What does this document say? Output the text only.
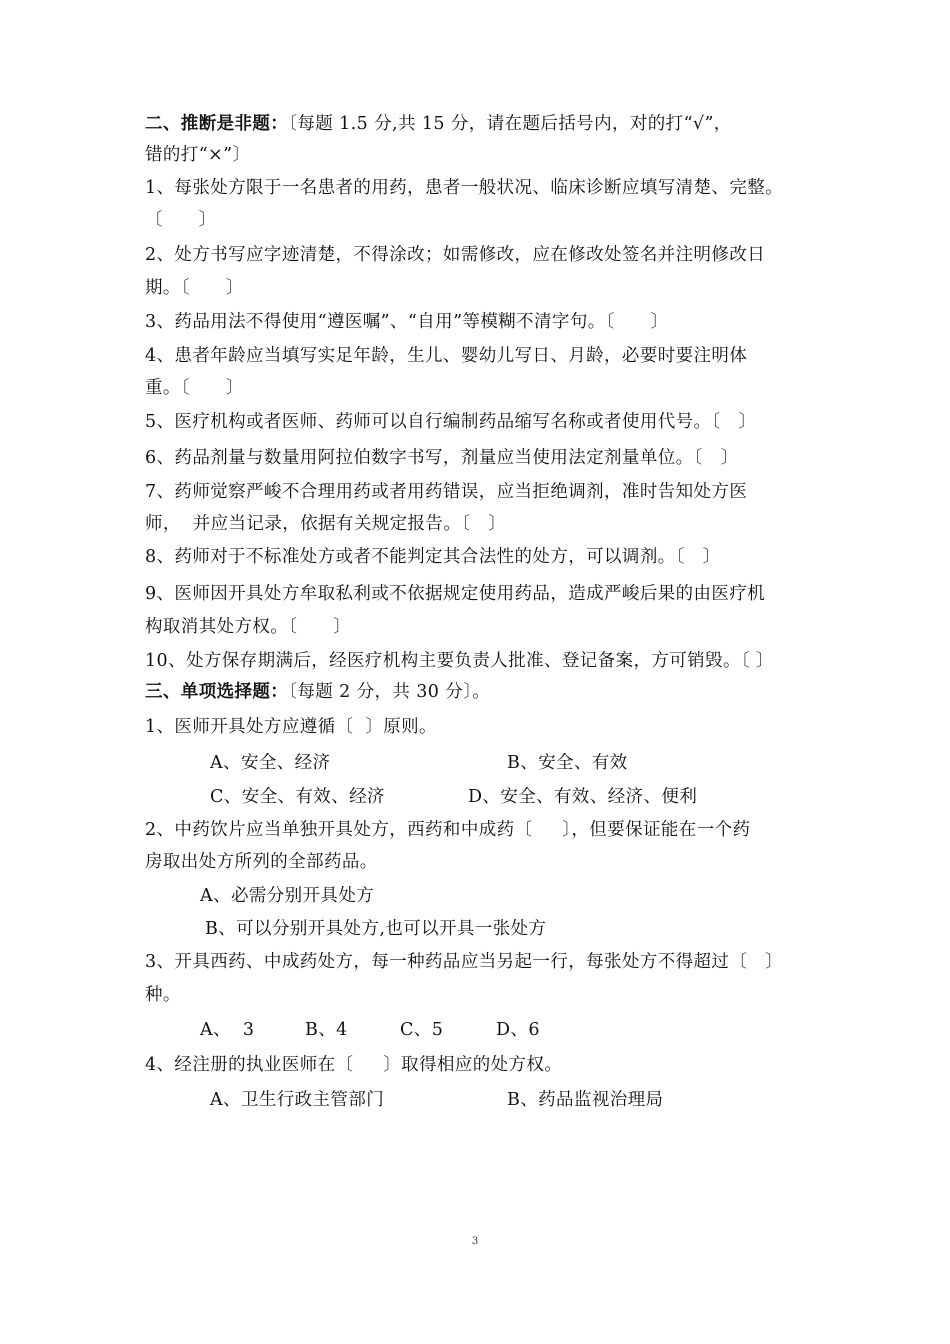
二、推断是非题：〔每题 1.5 分,共 15 分，请在题后括号内，对的打“√”，
错的打“×”〕
1、每张处方限于一名患者的用药，患者一般状况、临床诊断应填写清楚、完整。
〔      〕
2、处方书写应字迹清楚，不得涂改；如需修改，应在修改处签名并注明修改日
期。〔      〕
3、药品用法不得使用“遵医嘱”、“自用”等模糊不清字句。〔      〕
4、患者年龄应当填写实足年龄，生儿、婴幼儿写日、月龄，必要时要注明体
重。〔      〕
5、医疗机构或者医师、药师可以自行编制药品缩写名称或者使用代号。〔   〕
6、药品剂量与数量用阿拉伯数字书写，剂量应当使用法定剂量单位。〔   〕
7、药师觉察严峻不合理用药或者用药错误，应当拒绝调剂，准时告知处方医
师，  并应当记录，依据有关规定报告。〔   〕
8、药师对于不标准处方或者不能判定其合法性的处方，可以调剂。〔   〕
9、医师因开具处方牟取私利或不依据规定使用药品，造成严峻后果的由医疗机
构取消其处方权。〔      〕
10、处方保存期满后，经医疗机构主要负责人批准、登记备案，方可销毁。〔 〕
三、单项选择题：〔每题 2 分，共 30 分〕。
1、医师开具处方应遵循〔  〕原则。
A、安全、经济	B、安全、有效
C、安全、有效、经济	D、安全、有效、经济、便利
2、中药饮片应当单独开具处方，西药和中成药〔     〕，但要保证能在一个药
房取出处方所列的全部药品。
A、必需分别开具处方
B、可以分别开具处方,也可以开具一张处方
3、开具西药、中成药处方，每一种药品应当另起一行，每张处方不得超过〔   〕
种。
A、  3	B、4	C、5	D、6
4、经注册的执业医师在〔     〕取得相应的处方权。
A、卫生行政主管部门	B、药品监视治理局
3
